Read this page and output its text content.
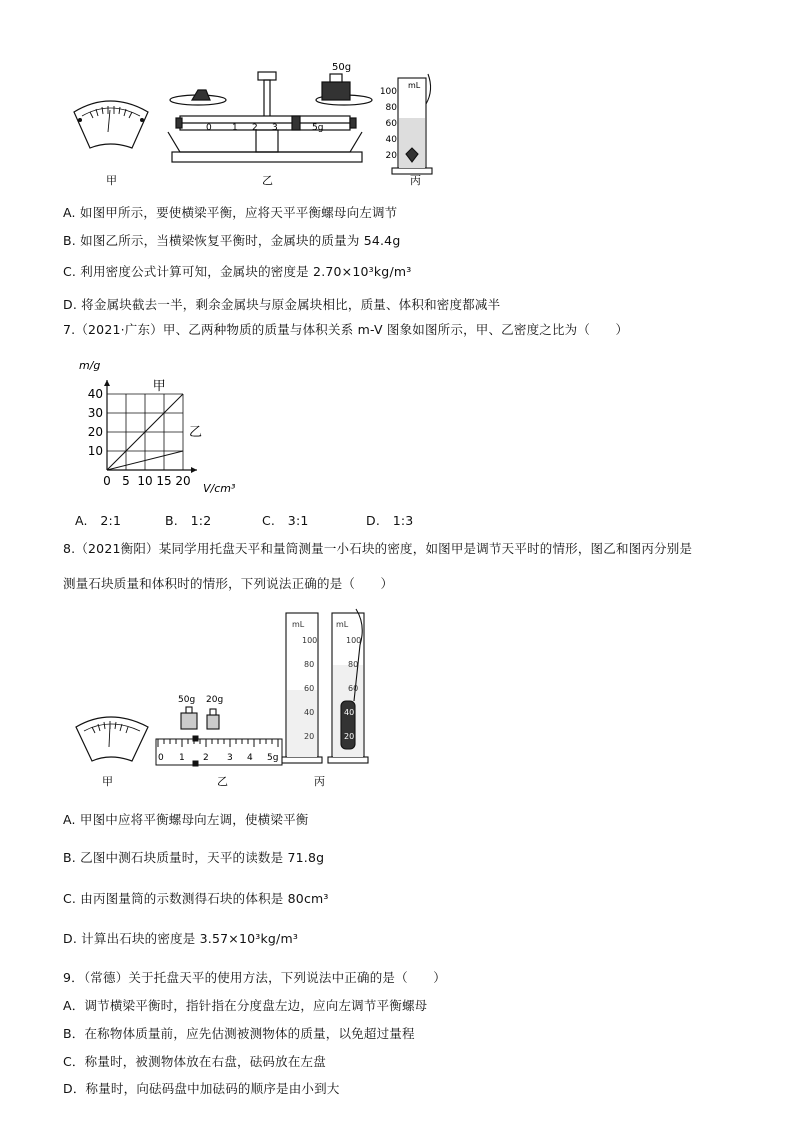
甲
0 1 2 3	5g
50g
乙
mL
100
80
60
40
20
丙
A. 如图甲所示，要使横梁平衡，应将天平平衡螺母向左调节
B. 如图乙所示，当横梁恢复平衡时，金属块的质量为 54.4g
C. 利用密度公式计算可知，金属块的密度是 2.70×10³kg/m³
D. 将金属块截去一半，剩余金属块与原金属块相比，质量、体积和密度都减半
7.（2021·广东）甲、乙两种物质的质量与体积关系 m-V 图象如图所示，甲、乙密度之比为（　　）
0 5 10 15 20
10
20
30
40
m/g
V/cm³
甲
乙
A.　2:1	B.　1:2	C.　3:1	D.　1:3
8.（2021衡阳）某同学用托盘天平和量筒测量一小石块的密度，如图甲是调节天平时的情形，图乙和图丙分别是
测量石块质量和体积时的情形，下列说法正确的是（　　）
甲
50g 20g
0 1 2 3 4 5g
乙
mL
100
80
60
40
20
mL
100
80
60
40
20
丙
A. 甲图中应将平衡螺母向左调，使横梁平衡
B. 乙图中测石块质量时，天平的读数是 71.8g
C. 由丙图量筒的示数测得石块的体积是 80cm³
D. 计算出石块的密度是 3.57×10³kg/m³
9．（常德）关于托盘天平的使用方法，下列说法中正确的是（　　）
A．调节横梁平衡时，指针指在分度盘左边，应向左调节平衡螺母
B．在称物体质量前，应先估测被测物体的质量，以免超过量程
C．称量时，被测物体放在右盘，砝码放在左盘
D．称量时，向砝码盘中加砝码的顺序是由小到大
